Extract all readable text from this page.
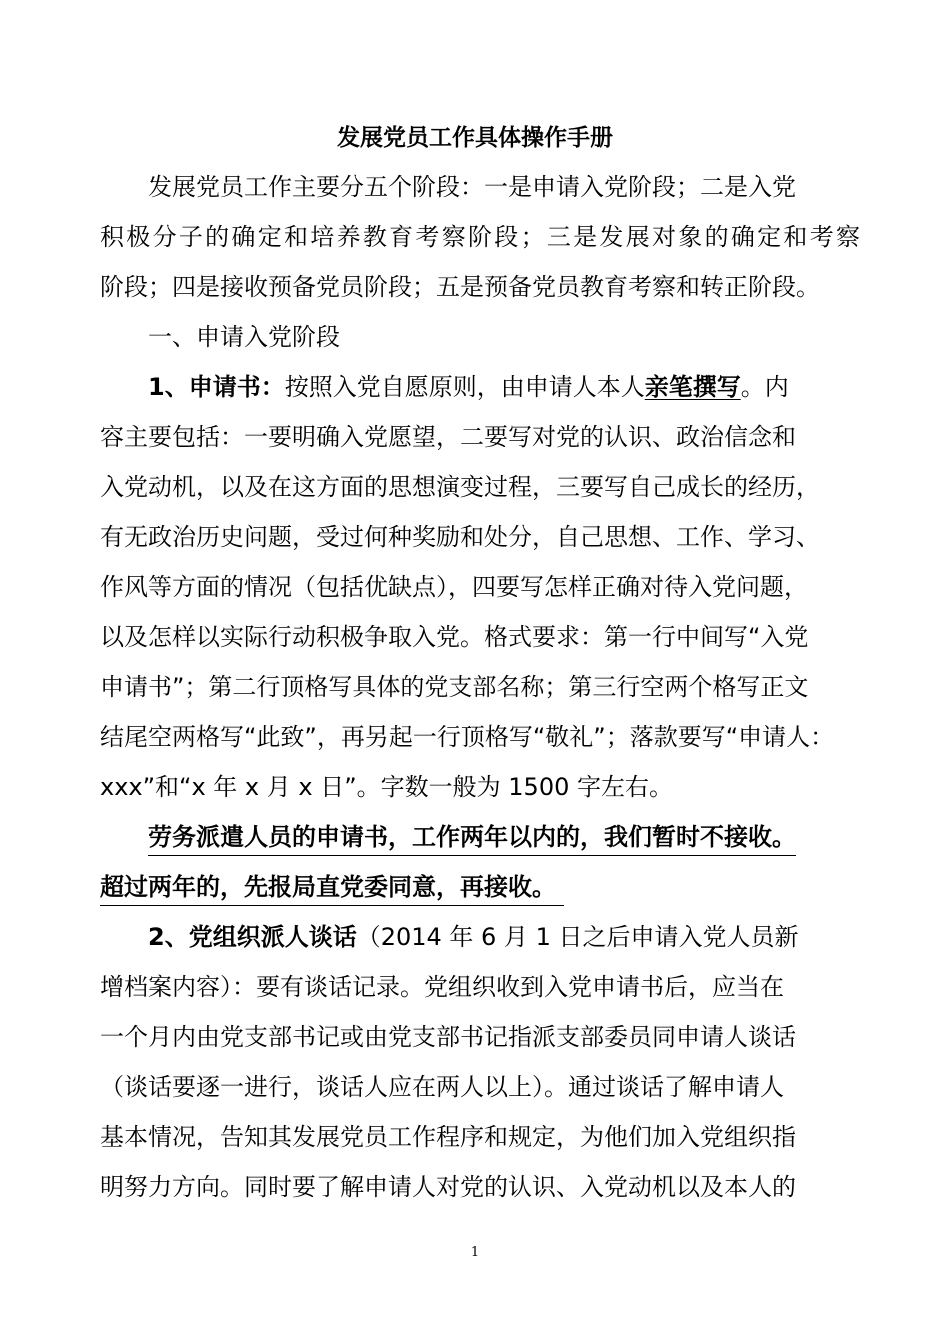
发展党员工作具体操作手册

发展党员工作主要分五个阶段：一是申请入党阶段；二是入党

积极分子的确定和培养教育考察阶段；三是发展对象的确定和考察

阶段；四是接收预备党员阶段；五是预备党员教育考察和转正阶段。

一、申请入党阶段

1、申请书：按照入党自愿原则，由申请人本人亲笔撰写。内

容主要包括：一要明确入党愿望，二要写对党的认识、政治信念和

入党动机，以及在这方面的思想演变过程，三要写自己成长的经历，

有无政治历史问题，受过何种奖励和处分，自己思想、工作、学习、

作风等方面的情况（包括优缺点），四要写怎样正确对待入党问题，

以及怎样以实际行动积极争取入党。格式要求：第一行中间写“入党

申请书”；第二行顶格写具体的党支部名称；第三行空两个格写正文

结尾空两格写“此致”，再另起一行顶格写“敬礼”；落款要写“申请人：

xxx”和“x 年 x 月 x 日”。字数一般为 1500 字左右。

劳务派遣人员的申请书，工作两年以内的，我们暂时不接收。

超过两年的，先报局直党委同意，再接收。

2、党组织派人谈话（2014 年 6 月 1 日之后申请入党人员新

增档案内容）：要有谈话记录。党组织收到入党申请书后，应当在

一个月内由党支部书记或由党支部书记指派支部委员同申请人谈话

（谈话要逐一进行，谈话人应在两人以上）。通过谈话了解申请人

基本情况，告知其发展党员工作程序和规定，为他们加入党组织指

明努力方向。同时要了解申请人对党的认识、入党动机以及本人的

1
